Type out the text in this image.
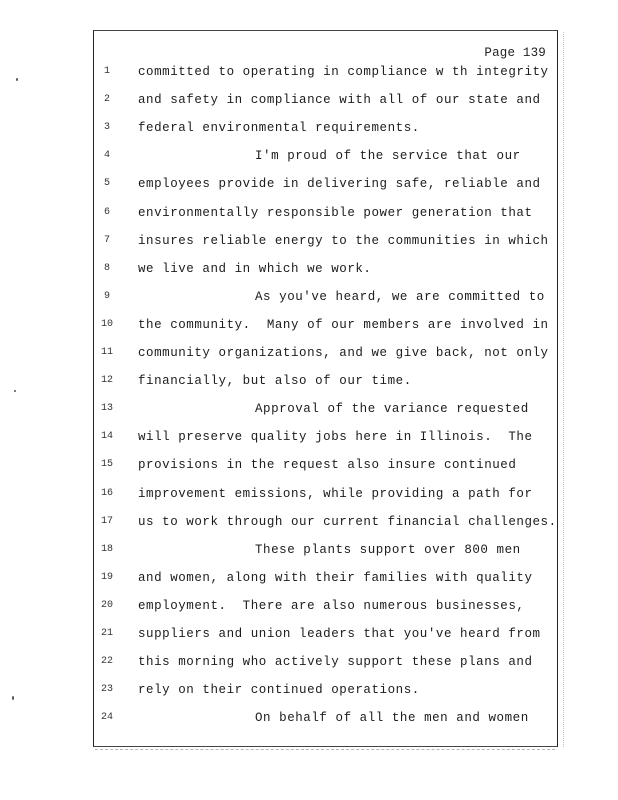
Page 139
1	committed to operating in compliance w th integrity
2	and safety in compliance with all of our state and
3	federal environmental requirements.
4	I'm proud of the service that our
5	employees provide in delivering safe, reliable and
6	environmentally responsible power generation that
7	insures reliable energy to the communities in which
8	we live and in which we work.
9	As you've heard, we are committed to
10	the community.  Many of our members are involved in
11	community organizations, and we give back, not only
12	financially, but also of our time.
13	Approval of the variance requested
14	will preserve quality jobs here in Illinois.  The
15	provisions in the request also insure continued
16	improvement emissions, while providing a path for
17	us to work through our current financial challenges.
18	These plants support over 800 men
19	and women, along with their families with quality
20	employment.  There are also numerous businesses,
21	suppliers and union leaders that you've heard from
22	this morning who actively support these plans and
23	rely on their continued operations.
24	On behalf of all the men and women
